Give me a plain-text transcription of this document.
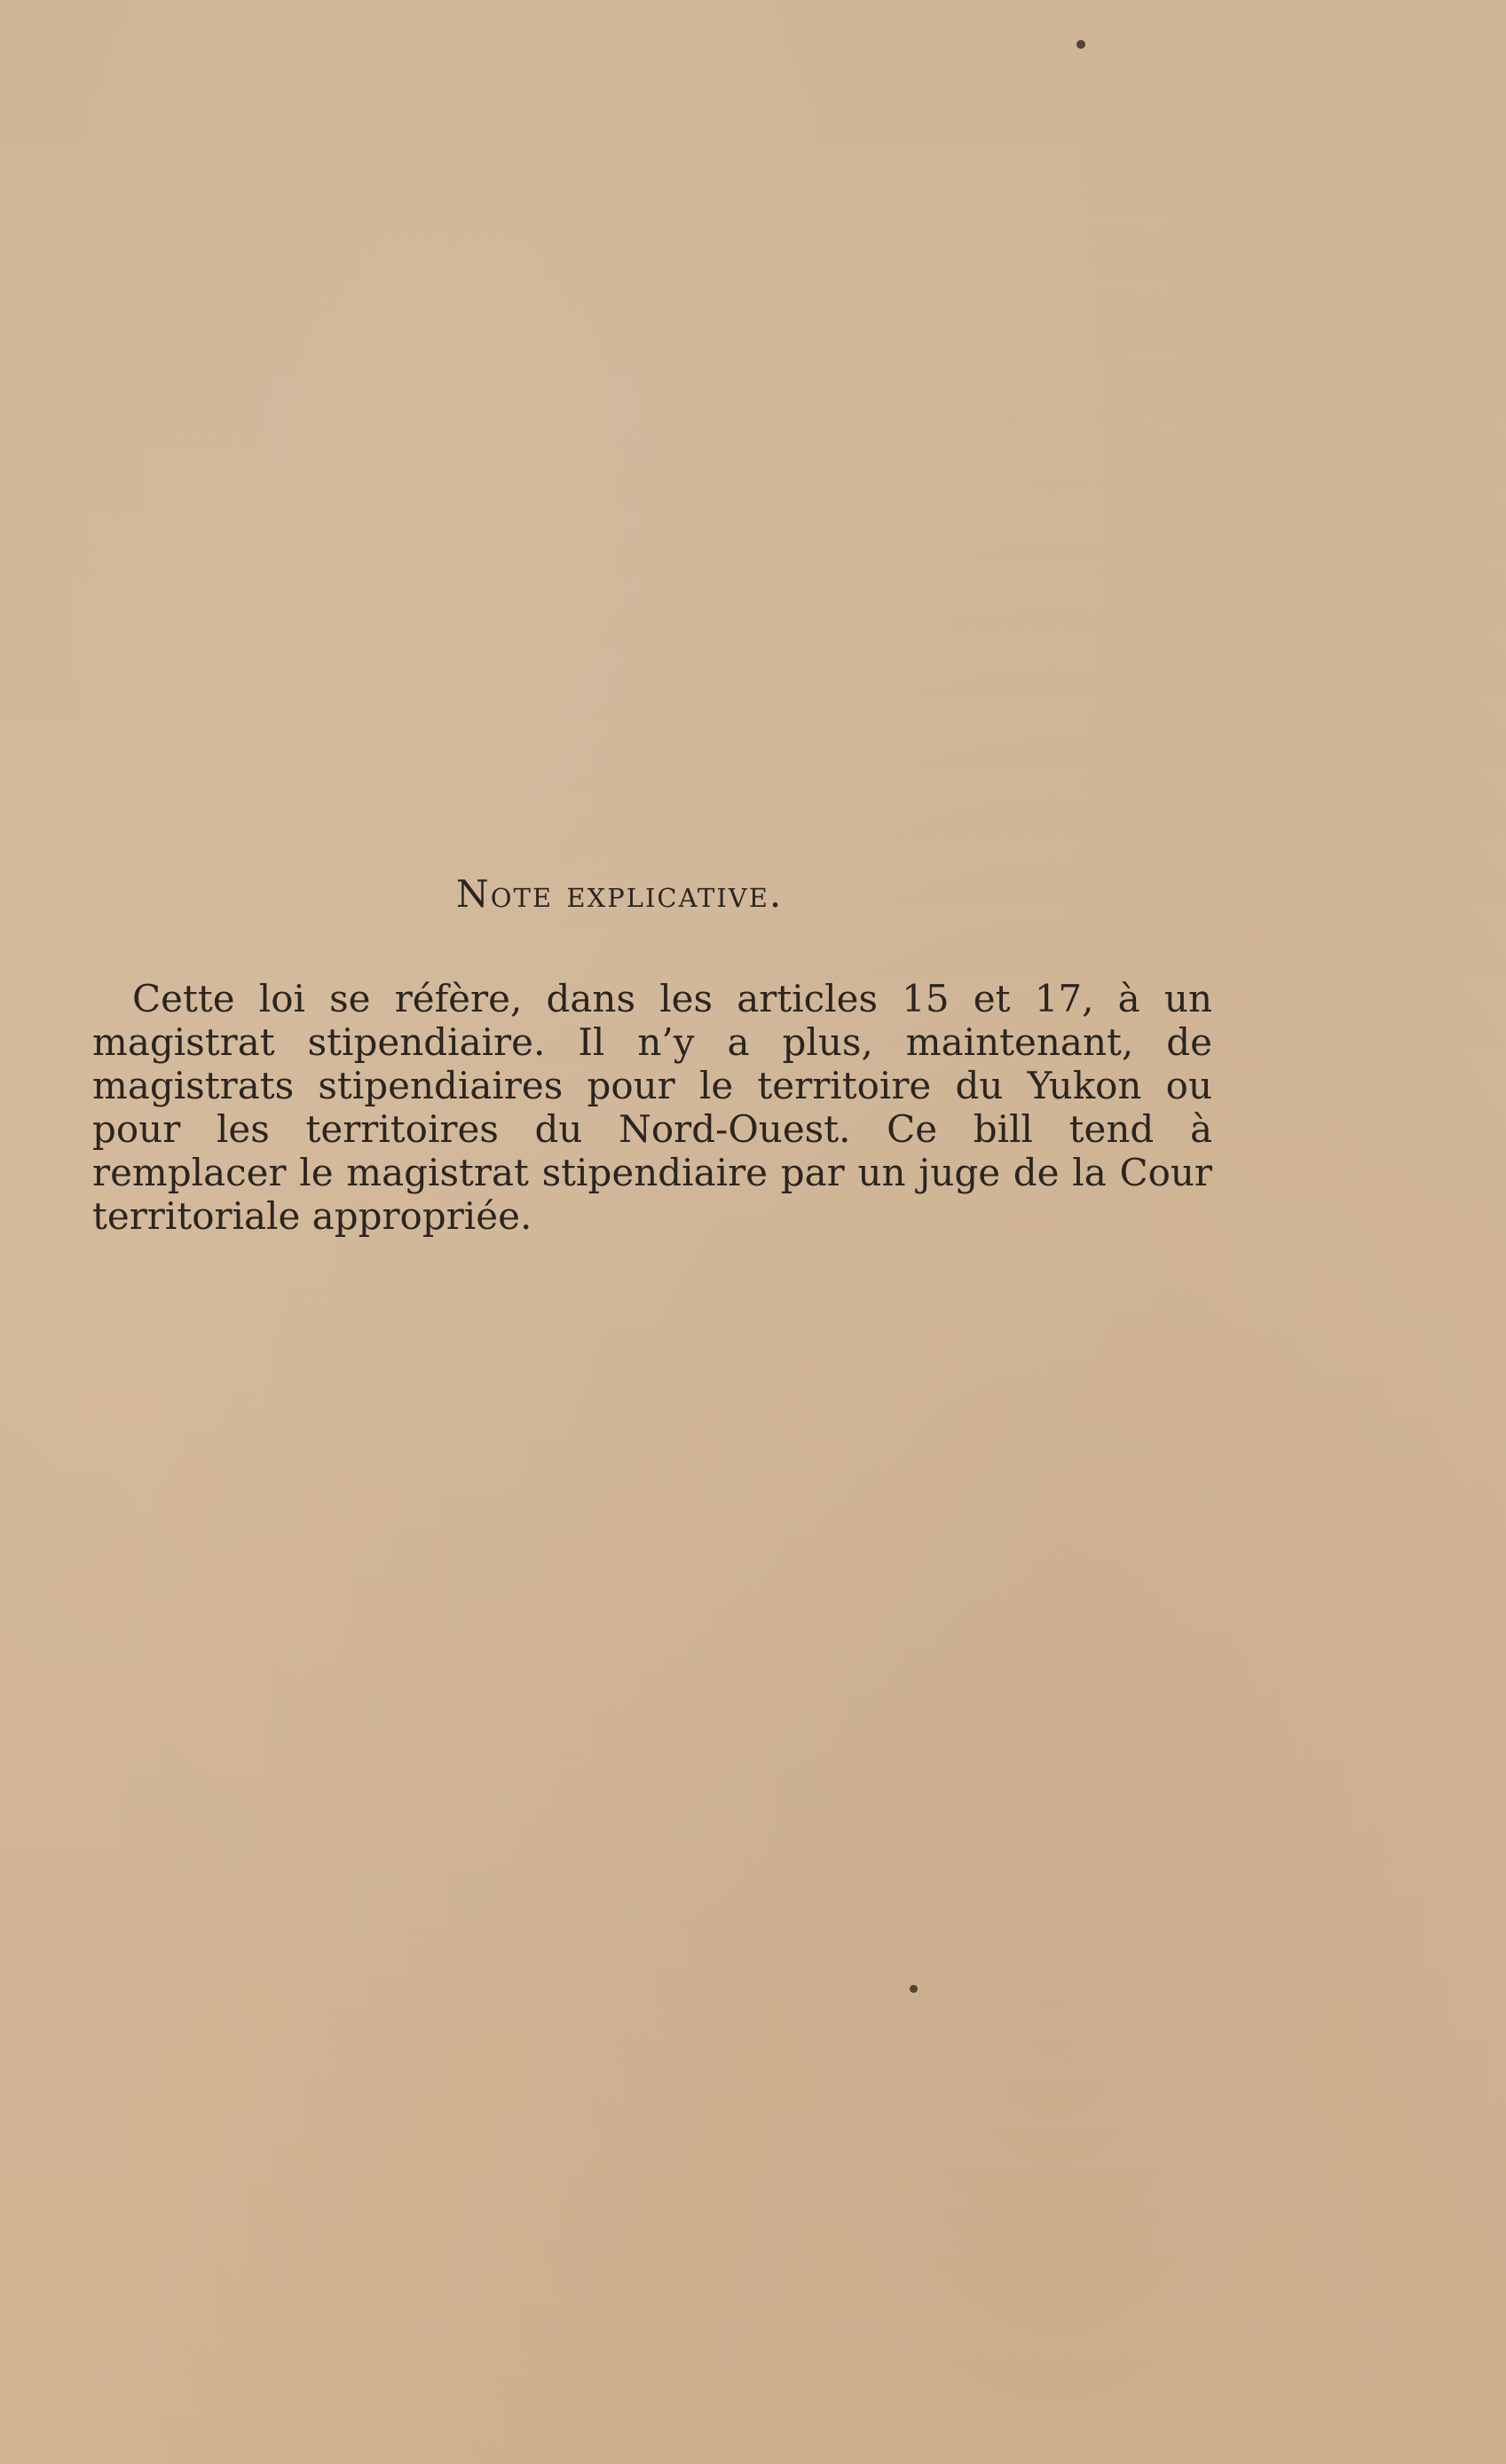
Note explicative.

Cette loi se réfère, dans les articles 15 et 17, à un magistrat stipendiaire. Il n’y a plus, maintenant, de magistrats stipendiaires pour le territoire du Yukon ou pour les territoires du Nord-Ouest. Ce bill tend à remplacer le magistrat stipendiaire par un juge de la Cour territoriale appropriée.
